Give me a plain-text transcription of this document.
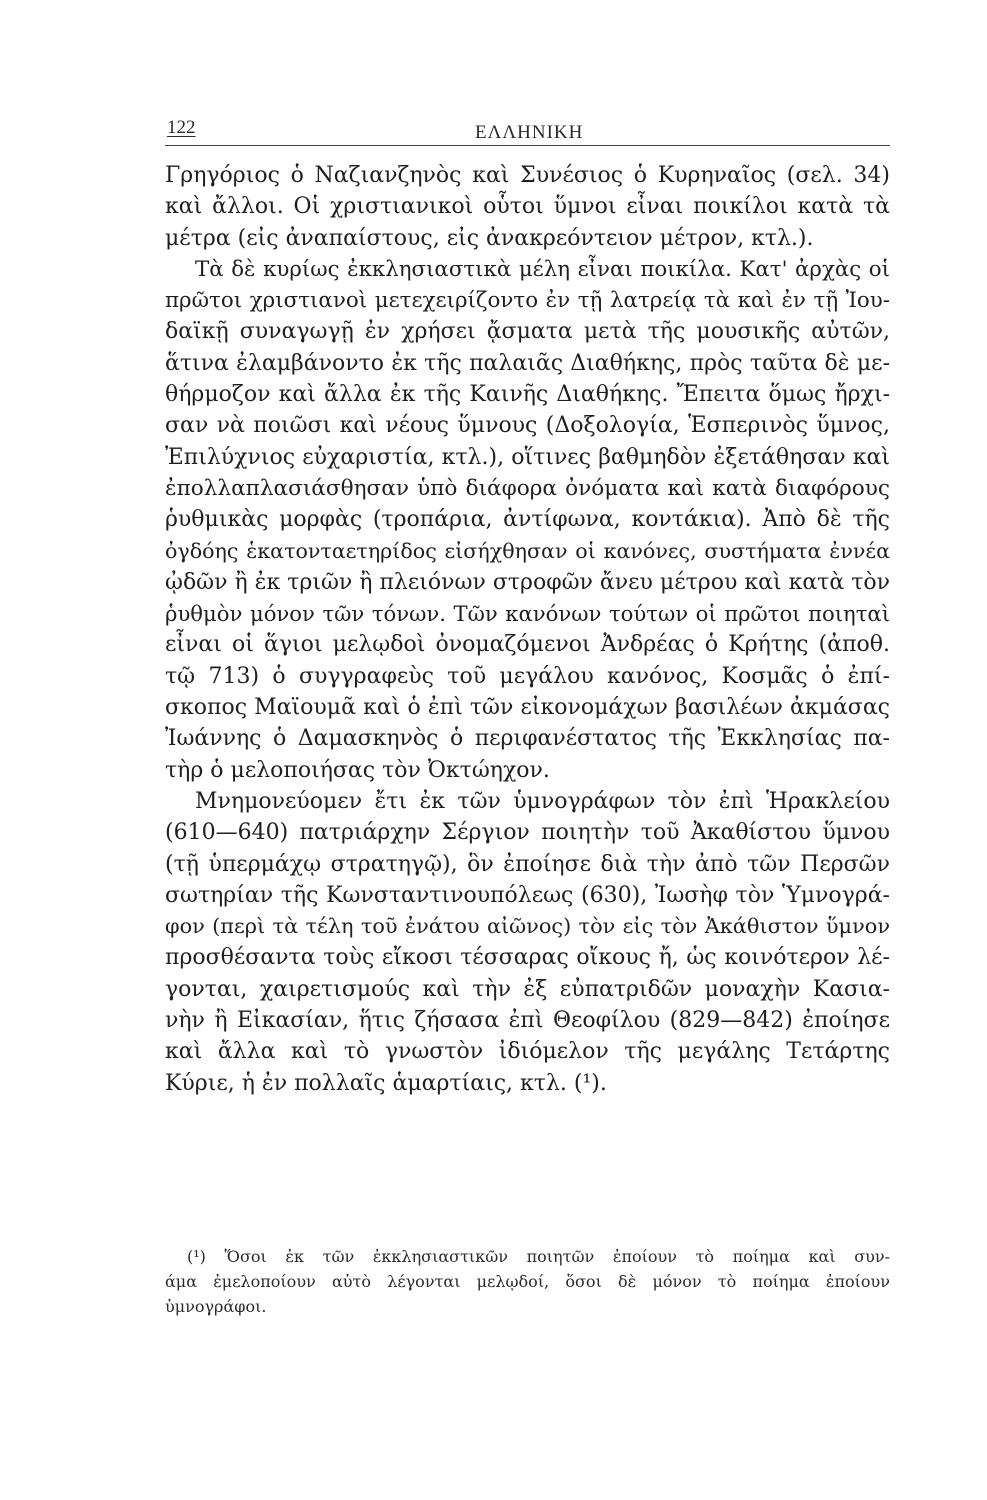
122	ΕΛΛΗΝΙΚΗ
Γρηγόριος ὁ Ναζιανζηνὸς καὶ Συνέσιος ὁ Κυρηναῖος (σελ. 34)
καὶ ἄλλοι. Οἱ χριστιανικοὶ οὗτοι ὕμνοι εἶναι ποικίλοι κατὰ τὰ
μέτρα (εἰς ἀναπαίστους, εἰς ἀνακρεόντειον μέτρον, κτλ.).
Τὰ δὲ κυρίως ἐκκλησιαστικὰ μέλη εἶναι ποικίλα. Κατ' ἀρχὰς οἱ
πρῶτοι χριστιανοὶ μετεχειρίζοντο ἐν τῇ λατρείᾳ τὰ καὶ ἐν τῇ Ἰου-
δαϊκῇ συναγωγῇ ἐν χρήσει ᾄσματα μετὰ τῆς μουσικῆς αὐτῶν,
ἅτινα ἐλαμβάνοντο ἐκ τῆς παλαιᾶς Διαθήκης, πρὸς ταῦτα δὲ με-
θήρμοζον καὶ ἄλλα ἐκ τῆς Καινῆς Διαθήκης. Ἔπειτα ὅμως ἤρχι-
σαν νὰ ποιῶσι καὶ νέους ὕμνους (Δοξολογία, Ἑσπερινὸς ὕμνος,
Ἐπιλύχνιος εὐχαριστία, κτλ.), οἵτινες βαθμηδὸν ἐξετάθησαν καὶ
ἐπολλαπλασιάσθησαν ὑπὸ διάφορα ὀνόματα καὶ κατὰ διαφόρους
ῥυθμικὰς μορφὰς (τροπάρια, ἀντίφωνα, κοντάκια). Ἀπὸ δὲ τῆς
ὀγδόης ἑκατονταετηρίδος εἰσήχθησαν οἱ κανόνες, συστήματα ἐννέα
ᾠδῶν ἢ ἐκ τριῶν ἢ πλειόνων στροφῶν ἄνευ μέτρου καὶ κατὰ τὸν
ῥυθμὸν μόνον τῶν τόνων. Τῶν κανόνων τούτων οἱ πρῶτοι ποιηταὶ
εἶναι οἱ ἅγιοι μελῳδοὶ ὀνομαζόμενοι Ἀνδρέας ὁ Κρήτης (ἀποθ.
τῷ 713) ὁ συγγραφεὺς τοῦ μεγάλου κανόνος, Κοσμᾶς ὁ ἐπί-
σκοπος Μαϊουμᾶ καὶ ὁ ἐπὶ τῶν εἰκονομάχων βασιλέων ἀκμάσας
Ἰωάννης ὁ Δαμασκηνὸς ὁ περιφανέστατος τῆς Ἐκκλησίας πα-
τὴρ ὁ μελοποιήσας τὸν Ὀκτώηχον.
Μνημονεύομεν ἔτι ἐκ τῶν ὑμνογράφων τὸν ἐπὶ Ἡρακλείου
(610—640) πατριάρχην Σέργιον ποιητὴν τοῦ Ἀκαθίστου ὕμνου
(τῇ ὑπερμάχῳ στρατηγῷ), ὃν ἐποίησε διὰ τὴν ἀπὸ τῶν Περσῶν
σωτηρίαν τῆς Κωνσταντινουπόλεως (630), Ἰωσὴφ τὸν Ὑμνογρά-
φον (περὶ τὰ τέλη τοῦ ἐνάτου αἰῶνος) τὸν εἰς τὸν Ἀκάθιστον ὕμνον
προσθέσαντα τοὺς εἴκοσι τέσσαρας οἴκους ἤ, ὡς κοινότερον λέ-
γονται, χαιρετισμούς καὶ τὴν ἐξ εὐπατριδῶν μοναχὴν Κασια-
νὴν ἢ Εἰκασίαν, ἥτις ζήσασα ἐπὶ Θεοφίλου (829—842) ἐποίησε
καὶ ἄλλα καὶ τὸ γνωστὸν ἰδιόμελον τῆς μεγάλης Τετάρτης
Κύριε, ἡ ἐν πολλαῖς ἁμαρτίαις, κτλ. (¹).
(¹) Ὅσοι ἐκ τῶν ἐκκλησιαστικῶν ποιητῶν ἐποίουν τὸ ποίημα καὶ συν-
άμα ἐμελοποίουν αὐτὸ λέγονται μελῳδοί, ὅσοι δὲ μόνον τὸ ποίημα ἐποίουν
ὑμνογράφοι.
